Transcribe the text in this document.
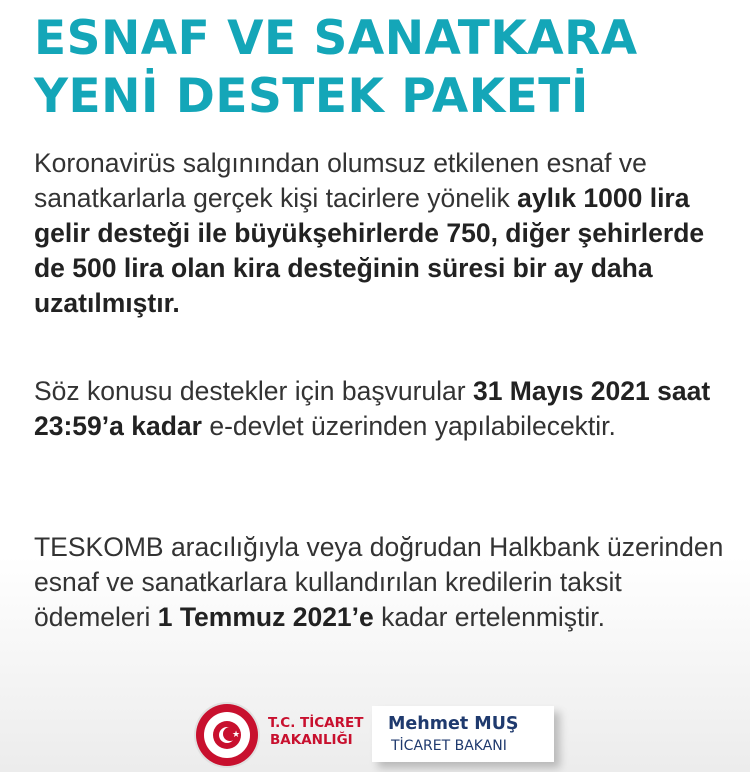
ESNAF VE SANATKARA
YENİ DESTEK PAKETİ

Koronavirüs salgınından olumsuz etkilenen esnaf ve sanatkarlarla gerçek kişi tacirlere yönelik aylık 1000 lira gelir desteği ile büyükşehirlerde 750, diğer şehirlerde de 500 lira olan kira desteğinin süresi bir ay daha uzatılmıştır.

Söz konusu destekler için başvurular 31 Mayıs 2021 saat 23:59’a kadar e-devlet üzerinden yapılabilecektir.

TESKOMB aracılığıyla veya doğrudan Halkbank üzerinden esnaf ve sanatkarlara kullandırılan kredilerin taksit ödemeleri 1 Temmuz 2021’e kadar ertelenmiştir.

★
T.C. TİCARET
BAKANLIĞI
Mehmet MUŞ
TİCARET BAKANI
